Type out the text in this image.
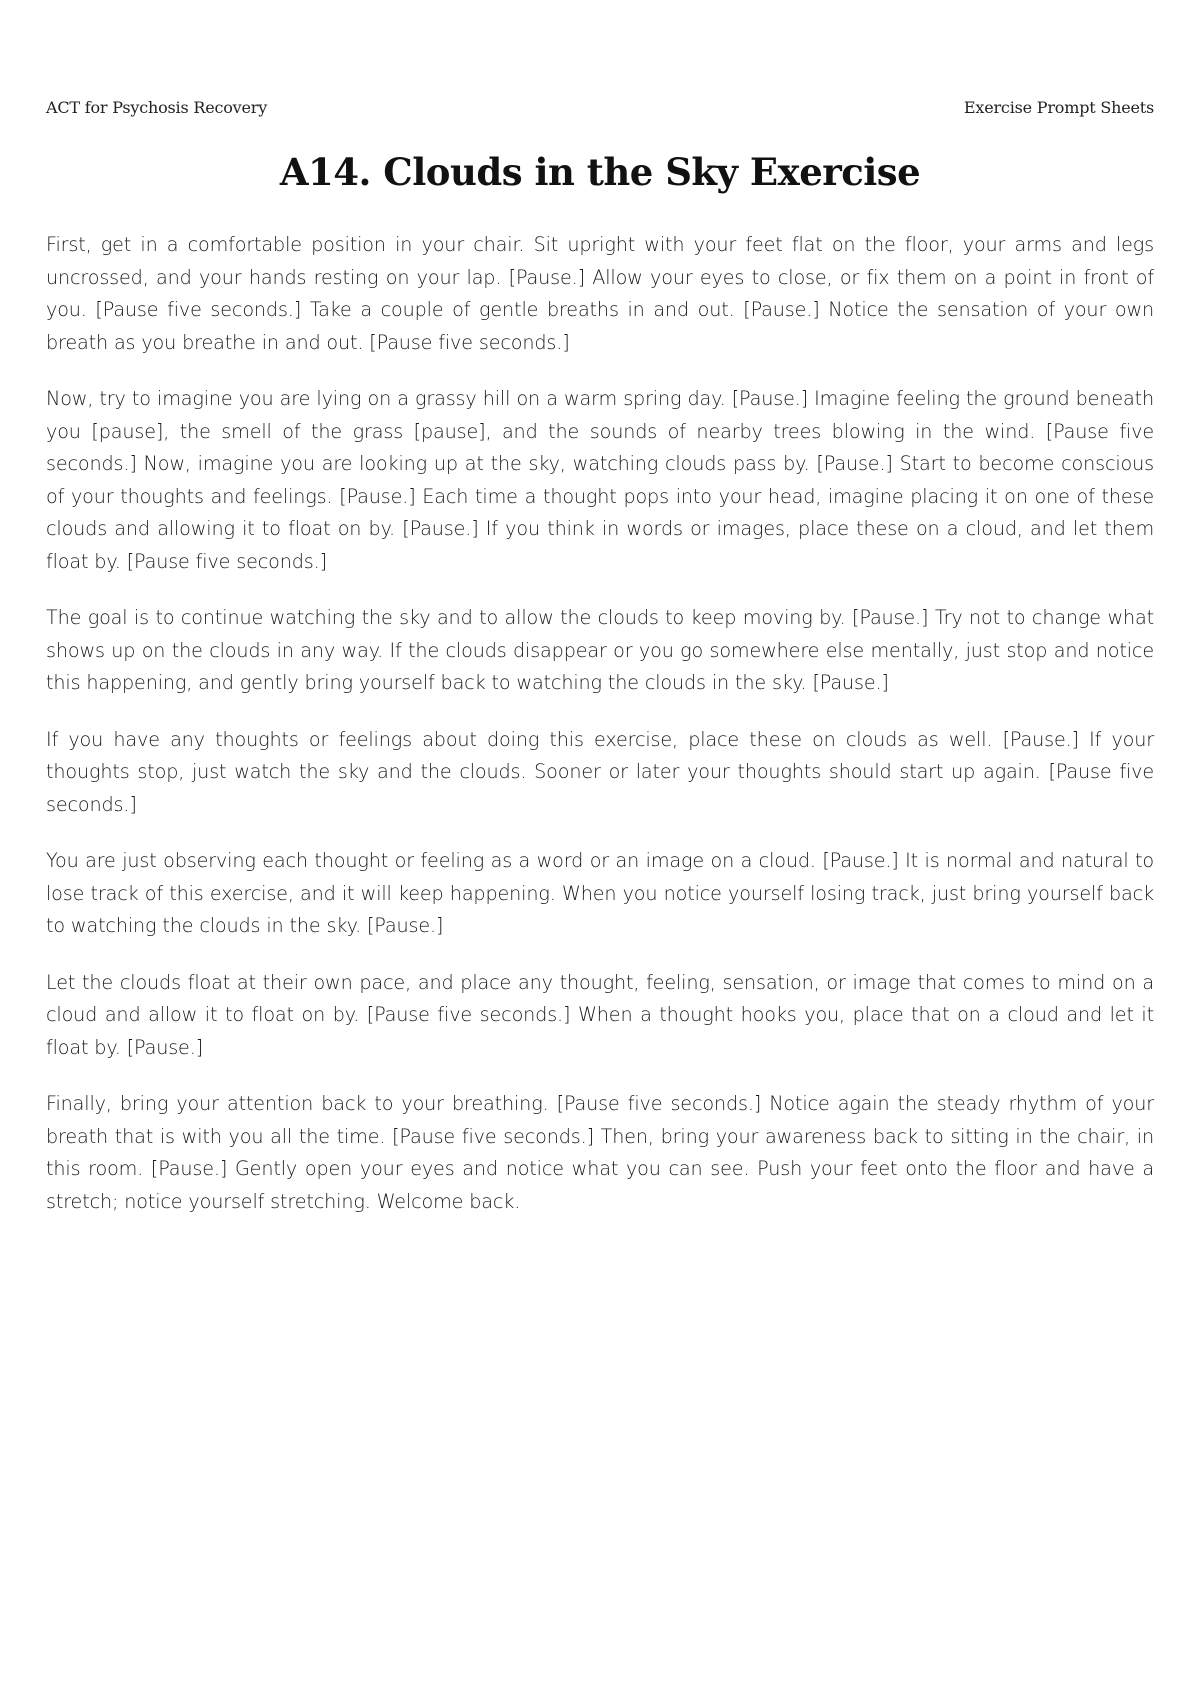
ACT for Psychosis Recovery	Exercise Prompt Sheets
A14. Clouds in the Sky Exercise

First, get in a comfortable position in your chair. Sit upright with your feet flat on the floor, your arms and legs uncrossed, and your hands resting on your lap. [Pause.] Allow your eyes to close, or fix them on a point in front of you. [Pause five seconds.] Take a couple of gentle breaths in and out. [Pause.] Notice the sensation of your own breath as you breathe in and out. [Pause five seconds.]

Now, try to imagine you are lying on a grassy hill on a warm spring day. [Pause.] Imagine feeling the ground beneath you [pause], the smell of the grass [pause], and the sounds of nearby trees blowing in the wind. [Pause five seconds.] Now, imagine you are looking up at the sky, watching clouds pass by. [Pause.] Start to become conscious of your thoughts and feelings. [Pause.] Each time a thought pops into your head, imagine placing it on one of these clouds and allowing it to float on by. [Pause.] If you think in words or images, place these on a cloud, and let them float by. [Pause five seconds.]

The goal is to continue watching the sky and to allow the clouds to keep moving by. [Pause.] Try not to change what shows up on the clouds in any way. If the clouds disappear or you go somewhere else mentally, just stop and notice this happening, and gently bring yourself back to watching the clouds in the sky. [Pause.]

If you have any thoughts or feelings about doing this exercise, place these on clouds as well. [Pause.] If your thoughts stop, just watch the sky and the clouds. Sooner or later your thoughts should start up again. [Pause five seconds.]

You are just observing each thought or feeling as a word or an image on a cloud. [Pause.] It is normal and natural to lose track of this exercise, and it will keep happening. When you notice yourself losing track, just bring yourself back to watching the clouds in the sky. [Pause.]

Let the clouds float at their own pace, and place any thought, feeling, sensation, or image that comes to mind on a cloud and allow it to float on by. [Pause five seconds.] When a thought hooks you, place that on a cloud and let it float by. [Pause.]

Finally, bring your attention back to your breathing. [Pause five seconds.] Notice again the steady rhythm of your breath that is with you all the time. [Pause five seconds.] Then, bring your awareness back to sitting in the chair, in this room. [Pause.] Gently open your eyes and notice what you can see. Push your feet onto the floor and have a stretch; notice yourself stretching. Welcome back.
